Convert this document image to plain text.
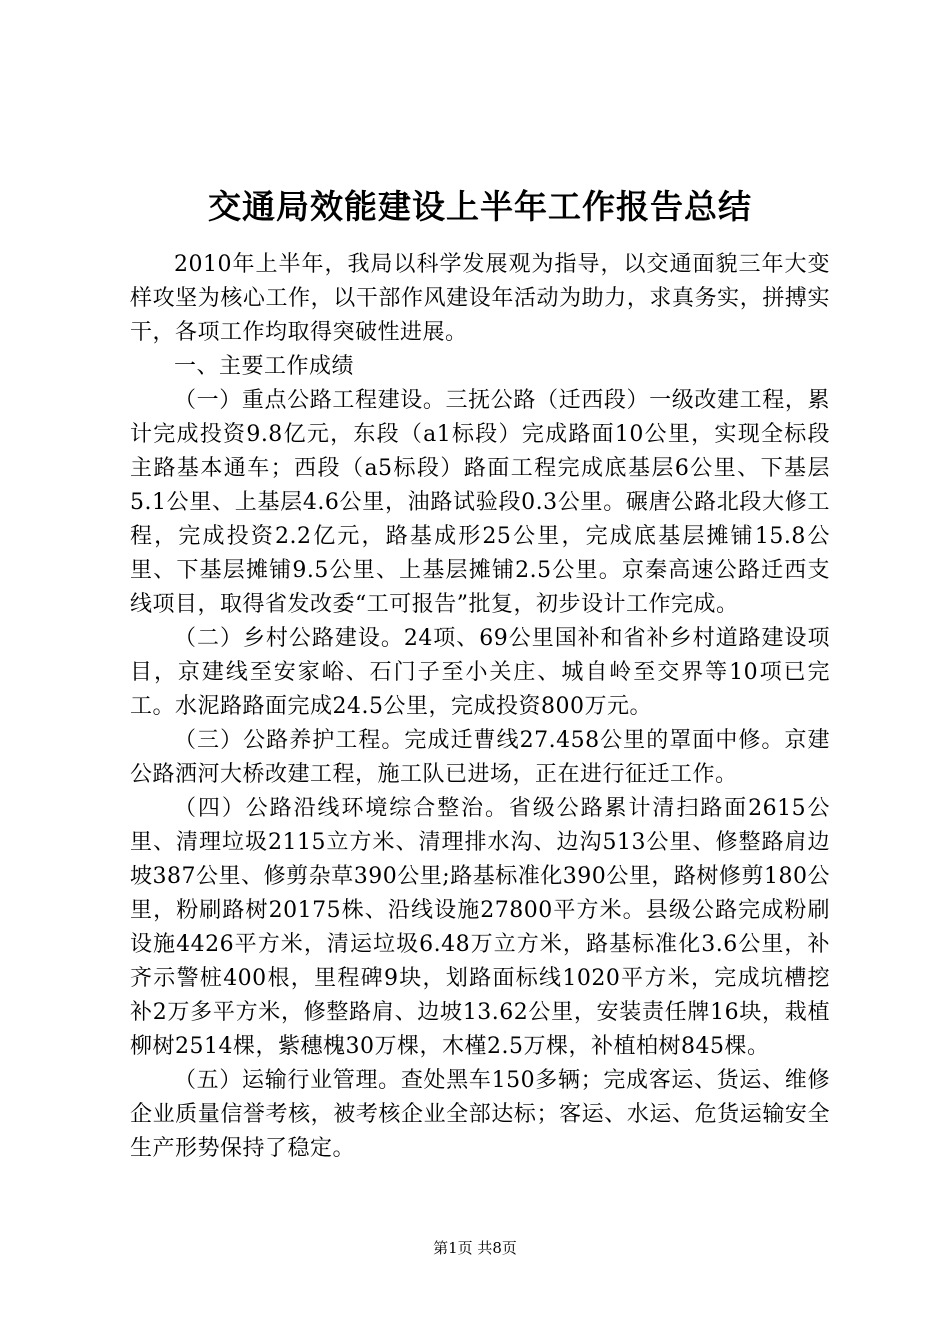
交通局效能建设上半年工作报告总结

2010年上半年，我局以科学发展观为指导，以交通面貌三年大变样攻坚为核心工作，以干部作风建设年活动为助力，求真务实，拼搏实干，各项工作均取得突破性进展。

一、主要工作成绩

（一）重点公路工程建设。三抚公路（迁西段）一级改建工程，累计完成投资9.8亿元，东段（a1标段）完成路面10公里，实现全标段主路基本通车；西段（a5标段）路面工程完成底基层6公里、下基层5.1公里、上基层4.6公里，油路试验段0.3公里。碾唐公路北段大修工程，完成投资2.2亿元，路基成形25公里，完成底基层摊铺15.8公里、下基层摊铺9.5公里、上基层摊铺2.5公里。京秦高速公路迁西支线项目，取得省发改委“工可报告”批复，初步设计工作完成。

（二）乡村公路建设。24项、69公里国补和省补乡村道路建设项目，京建线至安家峪、石门子至小关庄、城自岭至交界等10项已完工。水泥路路面完成24.5公里，完成投资800万元。

（三）公路养护工程。完成迁曹线27.458公里的罩面中修。京建公路洒河大桥改建工程，施工队已进场，正在进行征迁工作。

（四）公路沿线环境综合整治。省级公路累计清扫路面2615公里、清理垃圾2115立方米、清理排水沟、边沟513公里、修整路肩边坡387公里、修剪杂草390公里;路基标准化390公里，路树修剪180公里，粉刷路树20175株、沿线设施27800平方米。县级公路完成粉刷设施4426平方米，清运垃圾6.48万立方米，路基标准化3.6公里，补齐示警桩400根，里程碑9块，划路面标线1020平方米，完成坑槽挖补2万多平方米，修整路肩、边坡13.62公里，安装责任牌16块，栽植柳树2514棵，紫穗槐30万棵，木槿2.5万棵，补植柏树845棵。

（五）运输行业管理。查处黑车150多辆；完成客运、货运、维修企业质量信誉考核，被考核企业全部达标；客运、水运、危货运输安全生产形势保持了稳定。

第1页 共8页
